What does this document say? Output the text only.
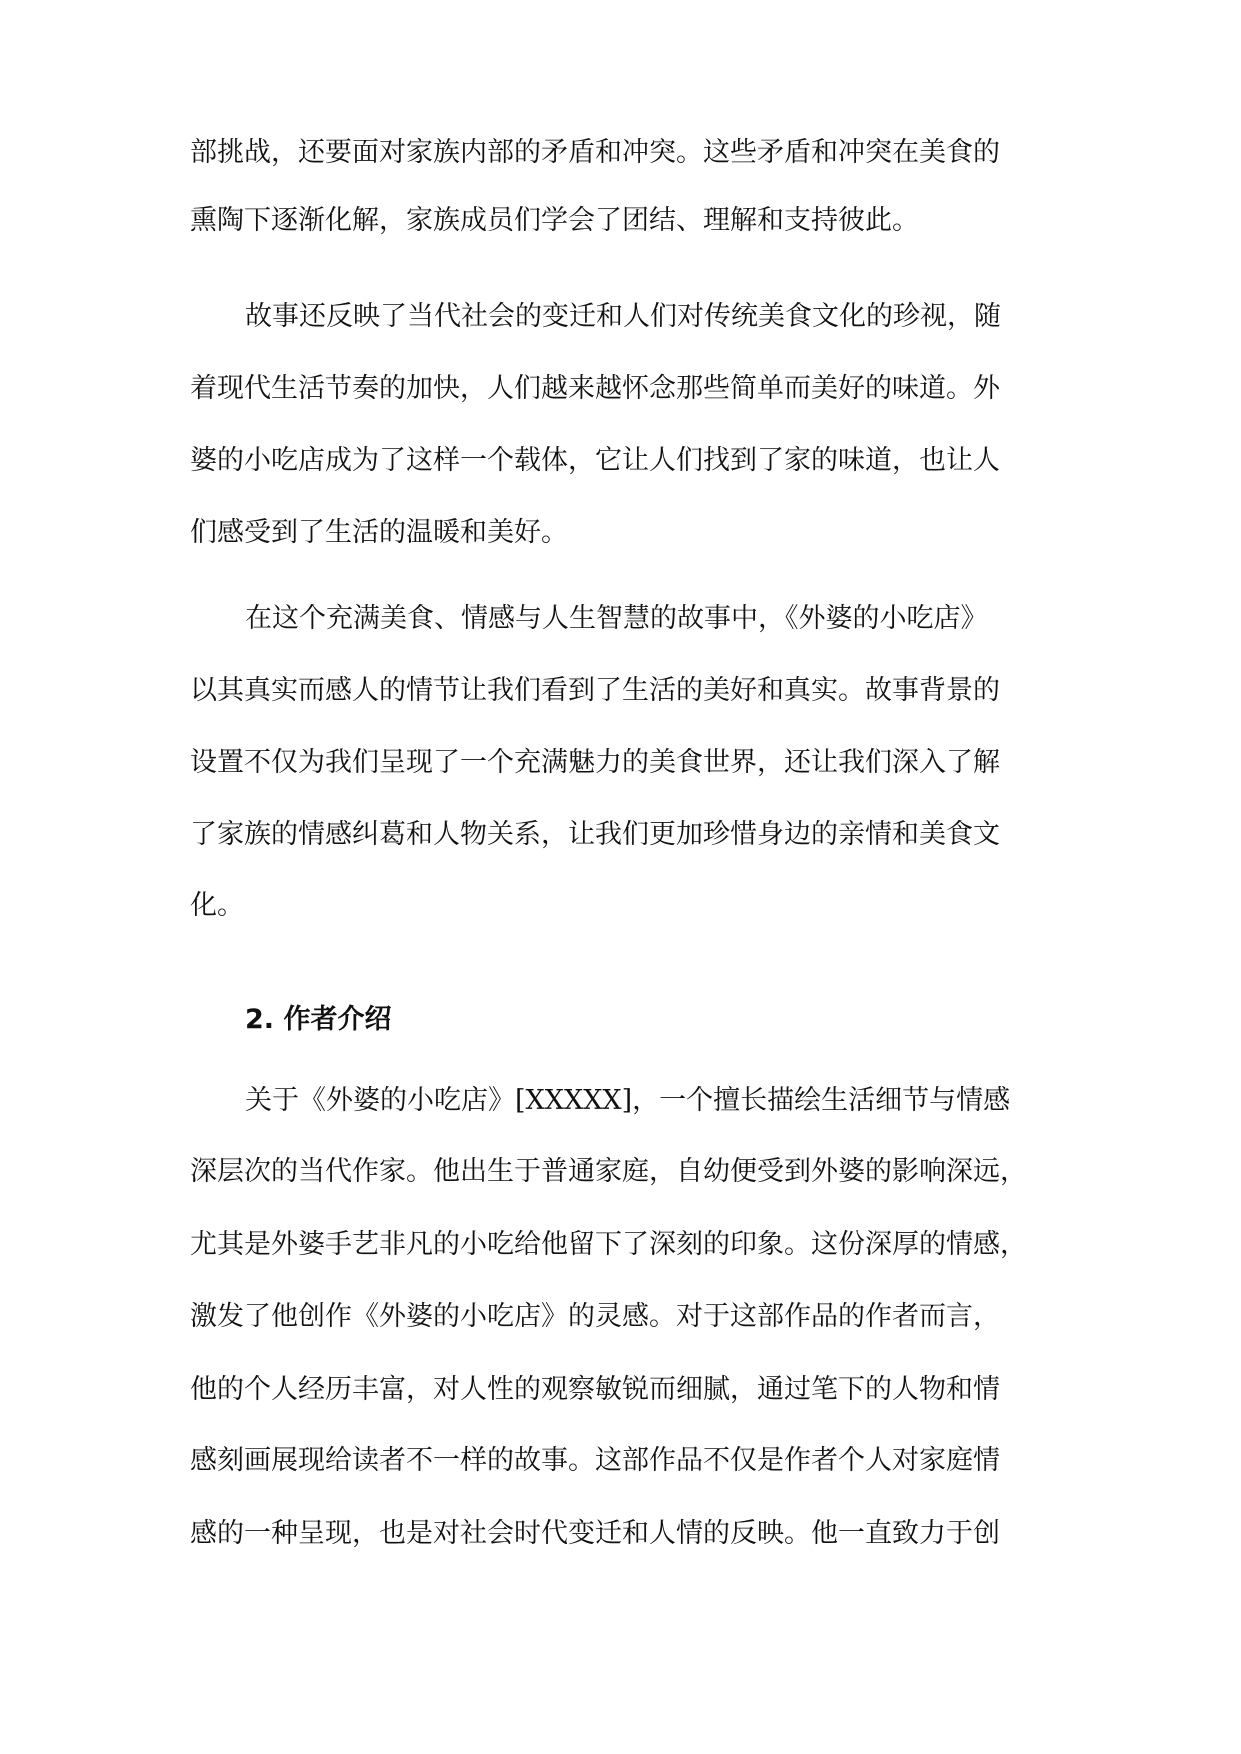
部挑战，还要面对家族内部的矛盾和冲突。这些矛盾和冲突在美食的
熏陶下逐渐化解，家族成员们学会了团结、理解和支持彼此。
故事还反映了当代社会的变迁和人们对传统美食文化的珍视，随
着现代生活节奏的加快，人们越来越怀念那些简单而美好的味道。外
婆的小吃店成为了这样一个载体，它让人们找到了家的味道，也让人
们感受到了生活的温暖和美好。
在这个充满美食、情感与人生智慧的故事中，《外婆的小吃店》
以其真实而感人的情节让我们看到了生活的美好和真实。故事背景的
设置不仅为我们呈现了一个充满魅力的美食世界，还让我们深入了解
了家族的情感纠葛和人物关系，让我们更加珍惜身边的亲情和美食文
化。
2. 作者介绍
关于《外婆的小吃店》[XXXXX]，一个擅长描绘生活细节与情感
深层次的当代作家。他出生于普通家庭，自幼便受到外婆的影响深远，
尤其是外婆手艺非凡的小吃给他留下了深刻的印象。这份深厚的情感，
激发了他创作《外婆的小吃店》的灵感。对于这部作品的作者而言，
他的个人经历丰富，对人性的观察敏锐而细腻，通过笔下的人物和情
感刻画展现给读者不一样的故事。这部作品不仅是作者个人对家庭情
感的一种呈现，也是对社会时代变迁和人情的反映。他一直致力于创
